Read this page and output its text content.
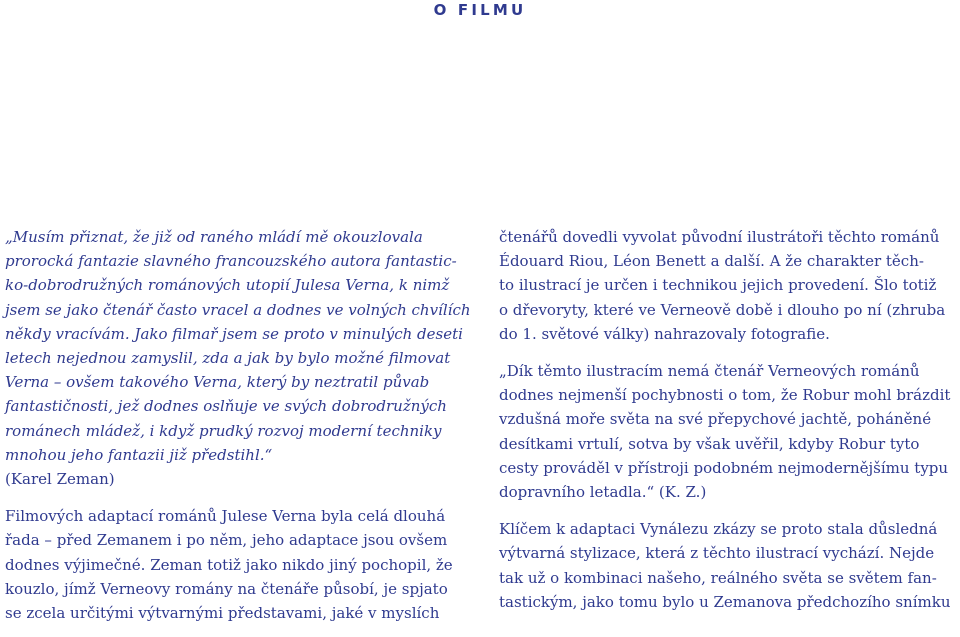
O FILMU

„Musím přiznat, že již od raného mládí mě okouzlovala

prorocká fantazie slavného francouzského autora fantastic-

ko-dobrodružných románových utopií Julesa Verna, k nimž

jsem se jako čtenář často vracel a dodnes ve volných chvílích

někdy vracívám. Jako filmař jsem se proto v minulých deseti

letech nejednou zamyslil, zda a jak by bylo možné filmovat

Verna – ovšem takového Verna, který by neztratil půvab

fantastičnosti, jež dodnes oslňuje ve svých dobrodružných

románech mládež, i když prudký rozvoj moderní techniky

mnohou jeho fantazii již předstihl.“

(Karel Zeman)

Filmových adaptací románů Julese Verna byla celá dlouhá

řada – před Zemanem i po něm, jeho adaptace jsou ovšem

dodnes výjimečné. Zeman totiž jako nikdo jiný pochopil, že

kouzlo, jímž Verneovy romány na čtenáře působí, je spjato

se zcela určitými výtvarnými představami, jaké v myslích

čtenářů dovedli vyvolat původní ilustrátoři těchto románů

Édouard Riou, Léon Benett a další. A že charakter těch-

to ilustrací je určen i technikou jejich provedení. Šlo totiž

o dřevoryty, které ve Verneově době i dlouho po ní (zhruba

do 1. světové války) nahrazovaly fotografie.

„Dík těmto ilustracím nemá čtenář Verneových románů

dodnes nejmenší pochybnosti o tom, že Robur mohl brázdit

vzdušná moře světa na své přepychové jachtě, poháněné

desítkami vrtulí, sotva by však uvěřil, kdyby Robur tyto

cesty prováděl v přístroji podobném nejmodernějšímu typu

dopravního letadla.“ (K. Z.)

Klíčem k adaptaci Vynálezu zkázy se proto stala důsledná

výtvarná stylizace, která z těchto ilustrací vychází. Nejde

tak už o kombinaci našeho, reálného světa se světem fan-

tastickým, jako tomu bylo u Zemanova předchozího snímku
